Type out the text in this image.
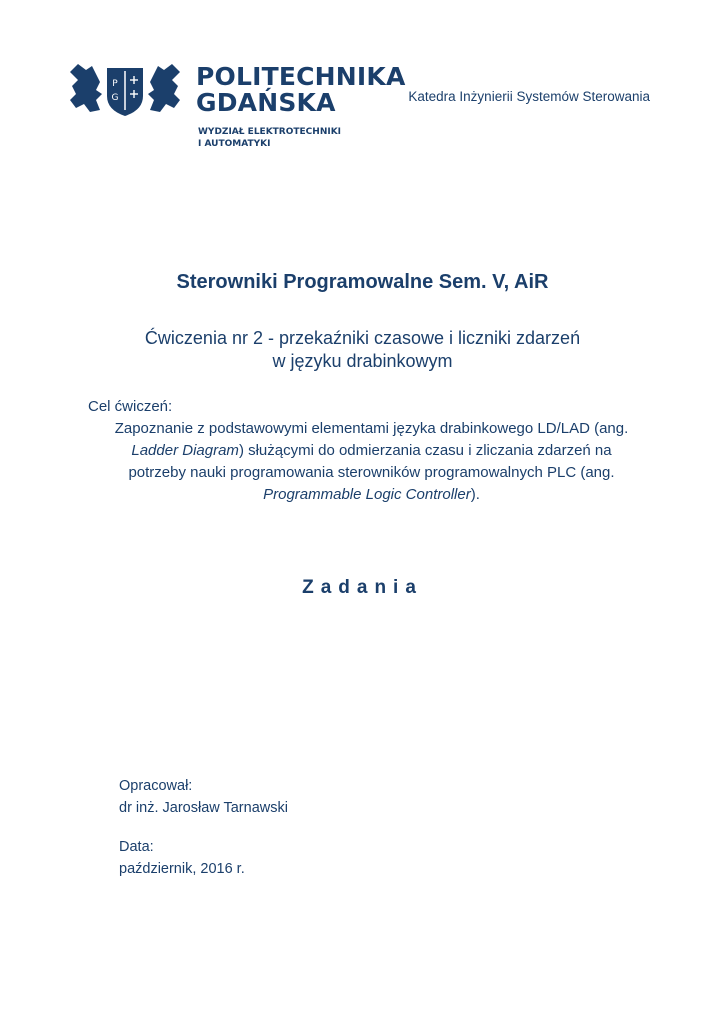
P
G
POLITECHNIKA
GDAŃSKA
WYDZIAŁ ELEKTROTECHNIKI
I AUTOMATYKI
Katedra Inżynierii Systemów Sterowania
Sterowniki Programowalne Sem. V, AiR
Ćwiczenia nr 2 - przekaźniki czasowe i liczniki zdarzeń
w języku drabinkowym
Cel ćwiczeń:
Zapoznanie z podstawowymi elementami języka drabinkowego LD/LAD (ang.
Ladder Diagram) służącymi do odmierzania czasu i zliczania zdarzeń na
potrzeby nauki programowania sterowników programowalnych PLC (ang.
Programmable Logic Controller).
Zadania
Opracował:
dr inż. Jarosław Tarnawski
Data:
październik, 2016 r.
